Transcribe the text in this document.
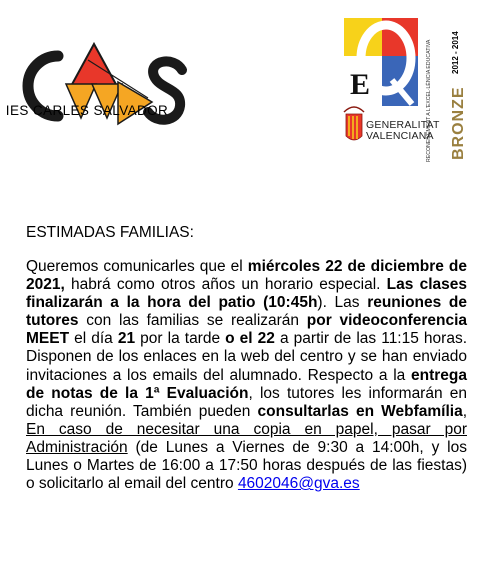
IES CARLES SALVADOR
E
GENERALITAT
VALENCIANA
RECONEIXEMENT A L'EXCEL·LÈNCIA EDUCATIVA 2012 - 2014
BRONZE
ESTIMADAS FAMILIAS:

Queremos comunicarles que el miércoles 22 de diciembre de 2021, habrá como otros años un horario especial. Las clases finalizarán a la hora del patio (10:45h). Las reuniones de tutores con las familias se realizarán por videoconferencia MEET el día 21 por la tarde o el 22 a partir de las 11:15 horas. Disponen de los enlaces en la web del centro y se han enviado invitaciones a los emails del alumnado. Respecto a la entrega de notas de la 1ª Evaluación, los tutores les informarán en dicha reunión. También pueden consultarlas en Webfamília, En caso de necesitar una copia en papel, pasar por Administración (de Lunes a Viernes de 9:30 a 14:00h, y los Lunes o Martes de 16:00 a 17:50 horas después de las fiestas) o solicitarlo al email del centro 4602046@gva.es
